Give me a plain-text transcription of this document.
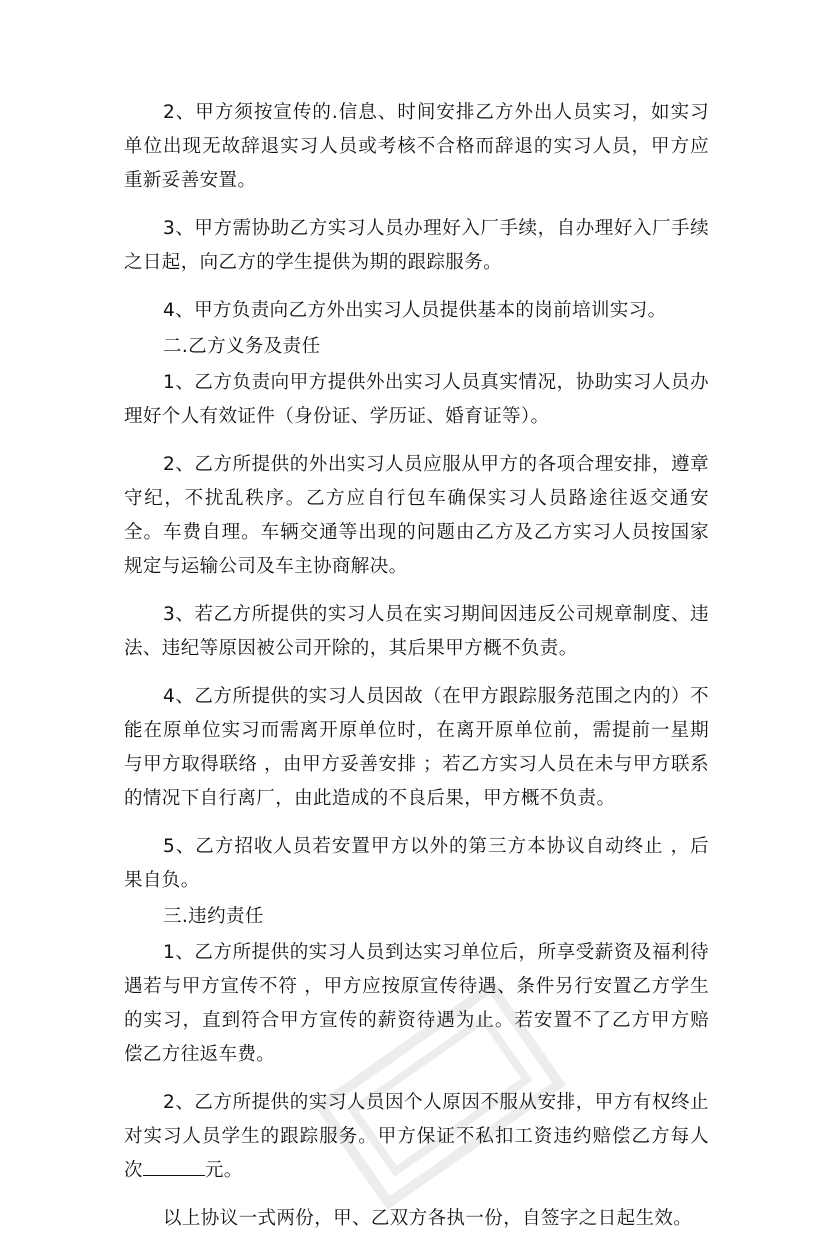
2、甲方须按宣传的.信息、时间安排乙方外出人员实习，如实习单位出现无故辞退实习人员或考核不合格而辞退的实习人员，甲方应重新妥善安置。

3、甲方需协助乙方实习人员办理好入厂手续，自办理好入厂手续之日起，向乙方的学生提供为期的跟踪服务。

4、甲方负责向乙方外出实习人员提供基本的岗前培训实习。

二.乙方义务及责任

1、乙方负责向甲方提供外出实习人员真实情况，协助实习人员办理好个人有效证件（身份证、学历证、婚育证等）。

2、乙方所提供的外出实习人员应服从甲方的各项合理安排，遵章守纪，不扰乱秩序。乙方应自行包车确保实习人员路途往返交通安全。车费自理。车辆交通等出现的问题由乙方及乙方实习人员按国家规定与运输公司及车主协商解决。

3、若乙方所提供的实习人员在实习期间因违反公司规章制度、违法、违纪等原因被公司开除的，其后果甲方概不负责。

4、乙方所提供的实习人员因故（在甲方跟踪服务范围之内的）不能在原单位实习而需离开原单位时，在离开原单位前，需提前一星期与甲方取得联络 ，由甲方妥善安排 ；若乙方实习人员在未与甲方联系的情况下自行离厂，由此造成的不良后果，甲方概不负责。

5、乙方招收人员若安置甲方以外的第三方本协议自动终止 ，后果自负。

三.违约责任

1、乙方所提供的实习人员到达实习单位后，所享受薪资及福利待遇若与甲方宣传不符 ，甲方应按原宣传待遇、条件另行安置乙方学生的实习，直到符合甲方宣传的薪资待遇为止。若安置不了乙方甲方赔偿乙方往返车费。

2、乙方所提供的实习人员因个人原因不服从安排，甲方有权终止对实习人员学生的跟踪服务。甲方保证不私扣工资违约赔偿乙方每人次	元。

以上协议一式两份，甲、乙双方各执一份，自签字之日起生效。
